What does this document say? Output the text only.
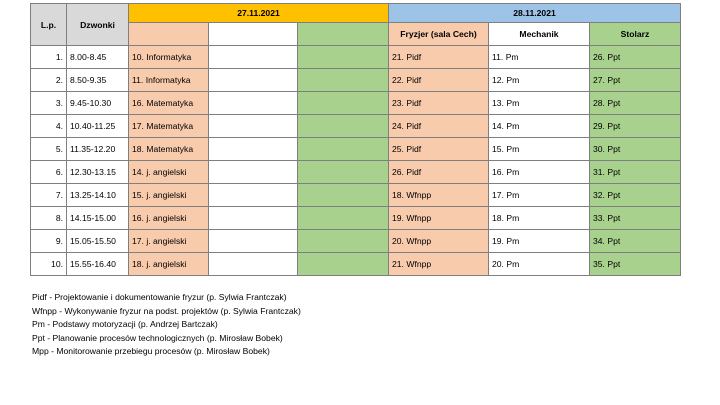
L.p.	Dzwonki	27.11.2021			28.11.2021		
					Fryzjer (sala Cech)	Mechanik	Stolarz
1.	8.00-8.45	10. Informatyka			21. Pidf	11. Pm	26. Ppt
2.	8.50-9.35	11. Informatyka			22. Pidf	12. Pm	27. Ppt
3.	9.45-10.30	16. Matematyka			23. Pidf	13. Pm	28. Ppt
4.	10.40-11.25	17. Matematyka			24. Pidf	14. Pm	29. Ppt
5.	11.35-12.20	18. Matematyka			25. Pidf	15. Pm	30. Ppt
6.	12.30-13.15	14. j. angielski			26. Pidf	16. Pm	31. Ppt
7.	13.25-14.10	15. j. angielski			18. Wfnpp	17. Pm	32. Ppt
8.	14.15-15.00	16. j. angielski			19. Wfnpp	18. Pm	33. Ppt
9.	15.05-15.50	17. j. angielski			20. Wfnpp	19. Pm	34. Ppt
10.	15.55-16.40	18. j. angielski			21. Wfnpp	20. Pm	35. Ppt
Pidf - Projektowanie i dokumentowanie fryzur (p. Sylwia Frantczak)
Wfnpp - Wykonywanie fryzur na podst. projektów (p. Sylwia Frantczak)
Pm - Podstawy motoryzacji (p. Andrzej Bartczak)
Ppt - Planowanie procesów technologicznych (p. Mirosław Bobek)
Mpp - Monitorowanie przebiegu procesów (p. Mirosław Bobek)
